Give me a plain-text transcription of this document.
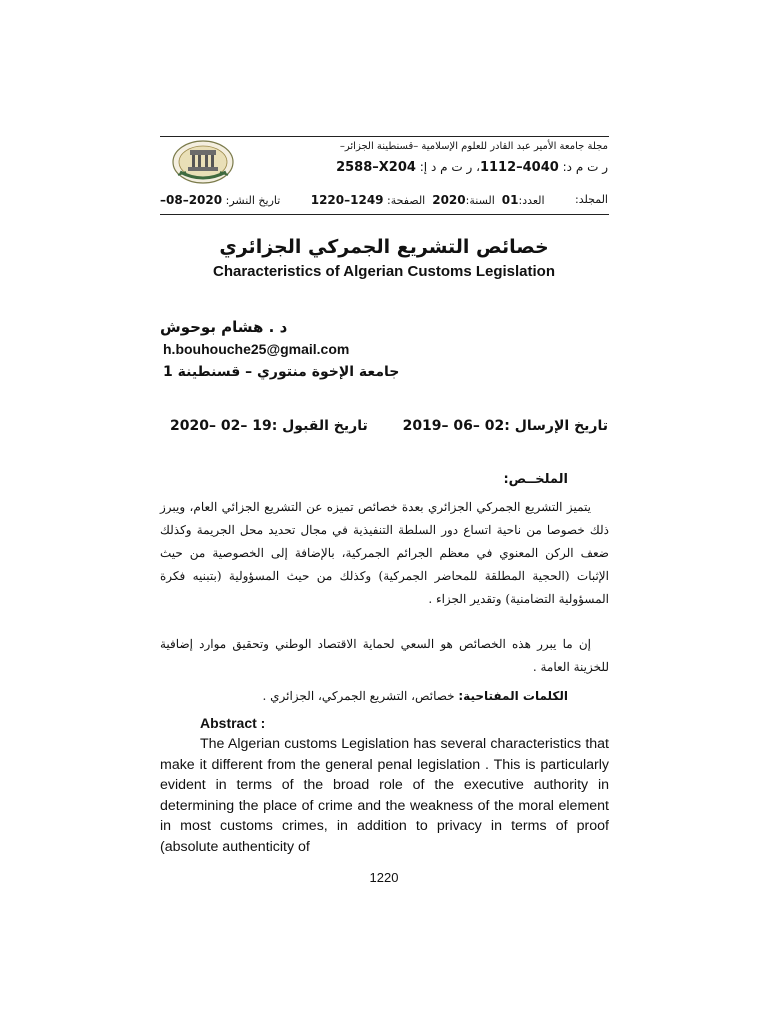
مجلة جامعة الأمير عبد القادر للعلوم الإسلامية –قسنطينة الجزائر–
ر ت م د: 1112–4040، ر ت م د إ: 2588–X204
المجلد:
العدد:01  السنة:2020  الصفحة: 1220–1249
تاريخ النشر: –08–2020
خصائص التشريع الجمركي الجزائري
Characteristics of Algerian Customs Legislation
د . هشام بوحوش
h.bouhouche25@gmail.com
جامعة الإخوة منتوري – قسنطينة 1
تاريخ الإرسال :02 –06 –2019
تاريخ القبول :19 –02 –2020
الملخــص:
يتميز التشريع الجمركي الجزائري بعدة خصائص تميزه عن التشريع الجزائي العام، ويبرز ذلك خصوصا من ناحية اتساع دور السلطة التنفيذية في مجال تحديد محل الجريمة وكذلك ضعف الركن المعنوي في معظم الجرائم الجمركية، بالإضافة إلى الخصوصية من حيث الإثبات (الحجية المطلقة للمحاضر الجمركية) وكذلك من حيث المسؤولية (بتبنيه فكرة المسؤولية التضامنية) وتقدير الجزاء .
إن ما يبرر هذه الخصائص هو السعي لحماية الاقتصاد الوطني وتحقيق موارد إضافية للخزينة العامة .
الكلمات المفتاحية: خصائص، التشريع الجمركي، الجزائري .
Abstract :
The Algerian customs Legislation has several characteristics that make it different from the general penal legislation . This is particularly evident in terms of the broad role of the executive authority in determining the place of crime and the weakness of the moral element in most customs crimes, in addition to privacy in terms of proof (absolute authenticity of
1220
